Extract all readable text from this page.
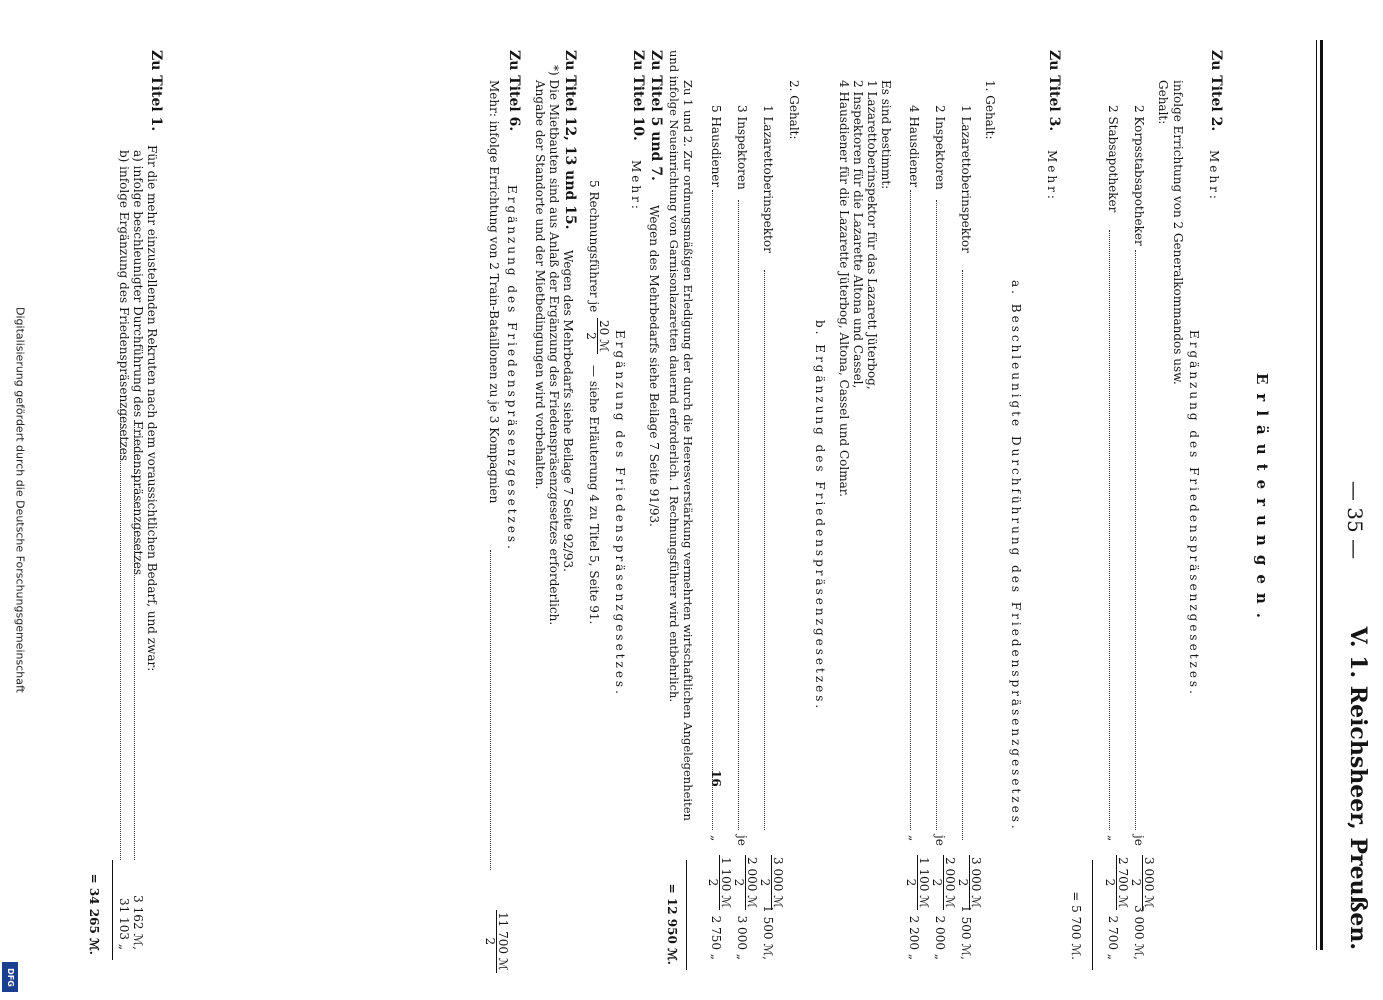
Digitalisierung gefördert durch die Deutsche Forschungsgemeinschaft
DFG
— 35 —
V. 1. Reichsheer, Preußen.
Erläuterungen.
Zu Titel 2.
Mehr:
Ergänzung des Friedenspräsenzgesetzes.
infolge Errichtung von 2 Generalkommandos usw.
Gehalt:
2 Korpsstabsapotheker
je
3 000 ℳ
2
3 000 ℳ,
2 Stabsapotheker
„
2 700 ℳ
2
2 700 „
= 5 700 ℳ.
Zu Titel 3.
Mehr:
a. Beschleunigte Durchführung des Friedenspräsenzgesetzes.
1. Gehalt:
1 Lazarettoberinspektor
3 000 ℳ
2
1 500 ℳ,
2 Inspektoren
je
2 000 ℳ
2
2 000 „
4 Hausdiener
„
1 100 ℳ
2
2 200 „
Es sind bestimmt:
1 Lazarettoberinspektor für das Lazarett Jüterbog,
2 Inspektoren für die Lazarette Altona und Cassel,
4 Hausdiener für die Lazarette Jüterbog, Altona, Cassel und Colmar.
b. Ergänzung des Friedenspräsenzgesetzes.
2. Gehalt:
1 Lazarettoberinspektor
3 000 ℳ
2
1 500 ℳ,
3 Inspektoren
je
2 000 ℳ
2
3 000 „
5 Hausdiener
„
1 100 ℳ
2
2 750 „
Zu 1 und 2. Zur ordnungsmäßigen Erledigung der durch die Heeresverstärkung vermehrten wirtschaftlichen Angelegenheiten
und infolge Neueinrichtung von Garnisonlazaretten dauernd erforderlich. 1 Rechnungsführer wird entbehrlich.
= 12 950 ℳ.
Zu Titel 5 und 7.
Wegen des Mehrbedarfs siehe Beilage 7 Seite 91/93.
Zu Titel 10.
Mehr:
Ergänzung des Friedenspräsenzgesetzes.
5 Rechnungsführer je
20 ℳ
2
— siehe Erläuterung 4 zu Titel 5, Seite 91.
Zu Titel 12, 13 und 15.
Wegen des Mehrbedarfs siehe Beilage 7 Seite 92/93.
*) Die Mietbauten sind aus Anlaß der Ergänzung des Friedenspräsenzgesetzes erforderlich.
Angabe der Standorte und der Mietbedingungen wird vorbehalten.
Zu Titel 6.
Ergänzung des Friedenspräsenzgesetzes.
Mehr: infolge Errichtung von 2 Train-Bataillonen zu je 3 Kompagnien
11 700 ℳ
2
Zu Titel 1.
Für die mehr einzustellenden Rekruten nach dem voraussichtlichen Bedarf, und zwar:
a) infolge beschleunigter Durchführung des Friedenspräsenzgesetzes
3 162 ℳ,
b) infolge Ergänzung des Friedenspräsenzgesetzes
31 103 „
= 34 265 ℳ.
16
